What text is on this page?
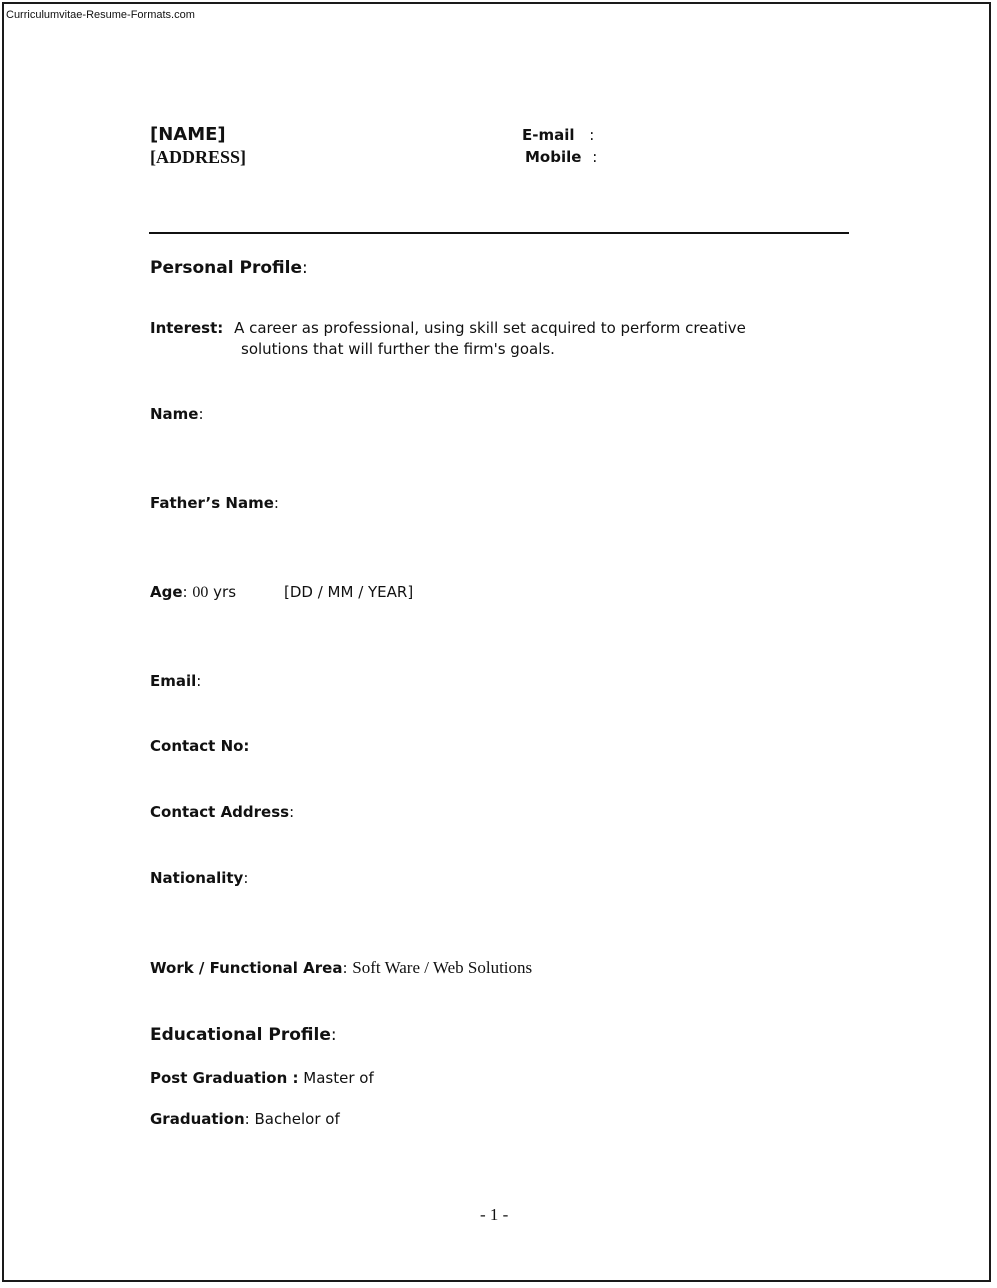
Curriculumvitae-Resume-Formats.com
[NAME]
[ADDRESS]
E-mail :
Mobile :
Personal Profile:
Interest: A career as professional, using skill set acquired to perform creative
solutions that will further the firm's goals.
Name:
Father’s Name:
Age: 00 yrs	[DD / MM / YEAR]
Email:
Contact No:
Contact Address:
Nationality:
Work / Functional Area: Soft Ware / Web Solutions
Educational Profile:
Post Graduation : Master of
Graduation: Bachelor of
- 1 -
